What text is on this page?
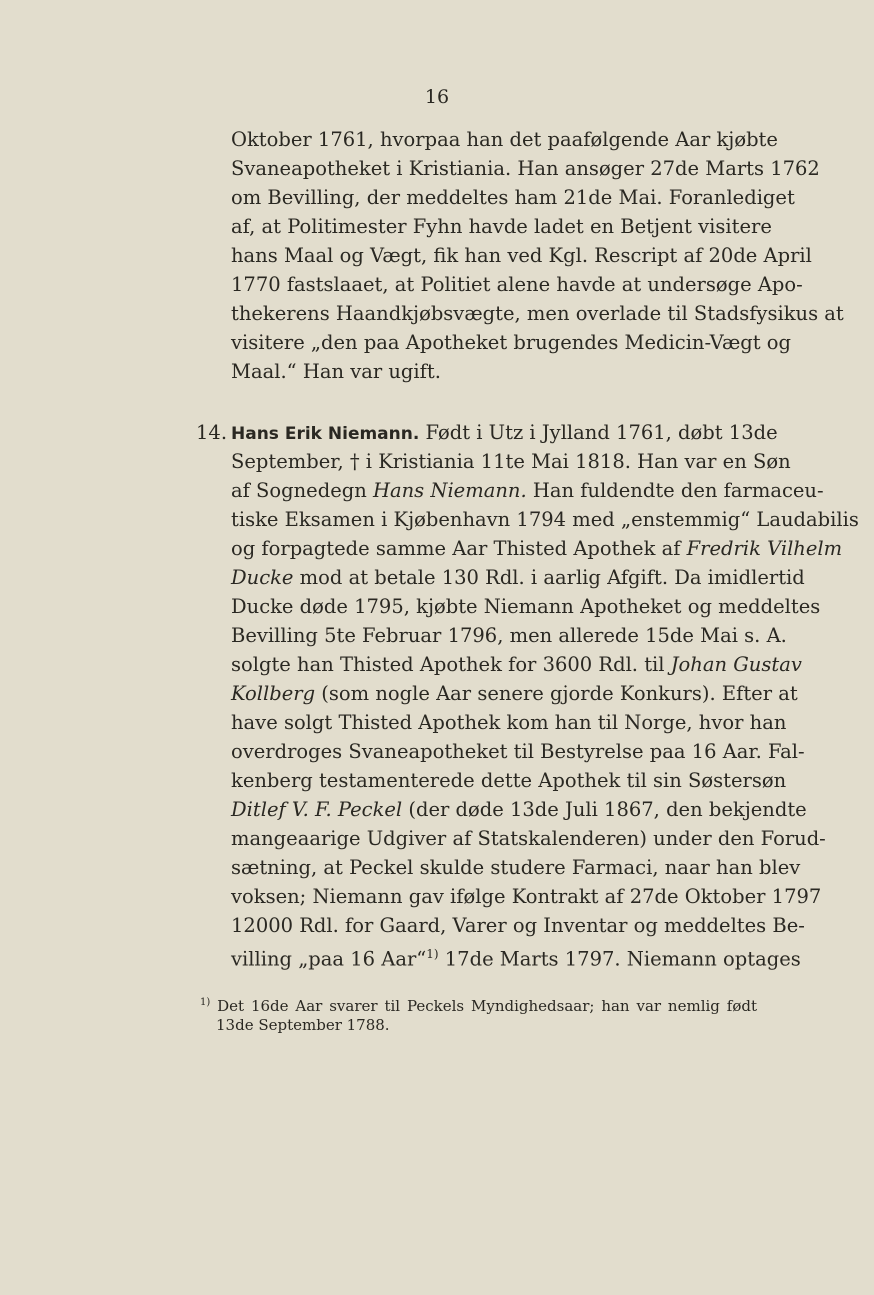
16
Oktober 1761, hvorpaa han det paafølgende Aar kjøbte
Svaneapotheket i Kristiania. Han ansøger 27de Marts 1762
om Bevilling, der meddeltes ham 21de Mai. Foranlediget
af, at Politimester Fyhn havde ladet en Betjent visitere
hans Maal og Vægt, fik han ved Kgl. Rescript af 20de April
1770 fastslaaet, at Politiet alene havde at undersøge Apo-
thekerens Haandkjøbsvægte, men overlade til Stadsfysikus at
visitere „den paa Apotheket brugendes Medicin-Vægt og
Maal.“ Han var ugift.
14. Hans Erik Niemann. Født i Utz i Jylland 1761, døbt 13de
September, † i Kristiania 11te Mai 1818. Han var en Søn
af Sognedegn Hans Niemann. Han fuldendte den farmaceu-
tiske Eksamen i Kjøbenhavn 1794 med „enstemmig“ Laudabilis
og forpagtede samme Aar Thisted Apothek af Fredrik Vilhelm
Ducke mod at betale 130 Rdl. i aarlig Afgift. Da imidlertid
Ducke døde 1795, kjøbte Niemann Apotheket og meddeltes
Bevilling 5te Februar 1796, men allerede 15de Mai s. A.
solgte han Thisted Apothek for 3600 Rdl. til Johan Gustav
Kollberg (som nogle Aar senere gjorde Konkurs). Efter at
have solgt Thisted Apothek kom han til Norge, hvor han
overdroges Svaneapotheket til Bestyrelse paa 16 Aar. Fal-
kenberg testamenterede dette Apothek til sin Søstersøn
Ditlef V. F. Peckel (der døde 13de Juli 1867, den bekjendte
mangeaarige Udgiver af Statskalenderen) under den Forud-
sætning, at Peckel skulde studere Farmaci, naar han blev
voksen; Niemann gav ifølge Kontrakt af 27de Oktober 1797
12000 Rdl. for Gaard, Varer og Inventar og meddeltes Be-
villing „paa 16 Aar“$^{1)}$ 17de Marts 1797. Niemann optages
$^{1)}$ Det 16de Aar svarer til Peckels Myndighedsaar; han var nemlig født
13de September 1788.
